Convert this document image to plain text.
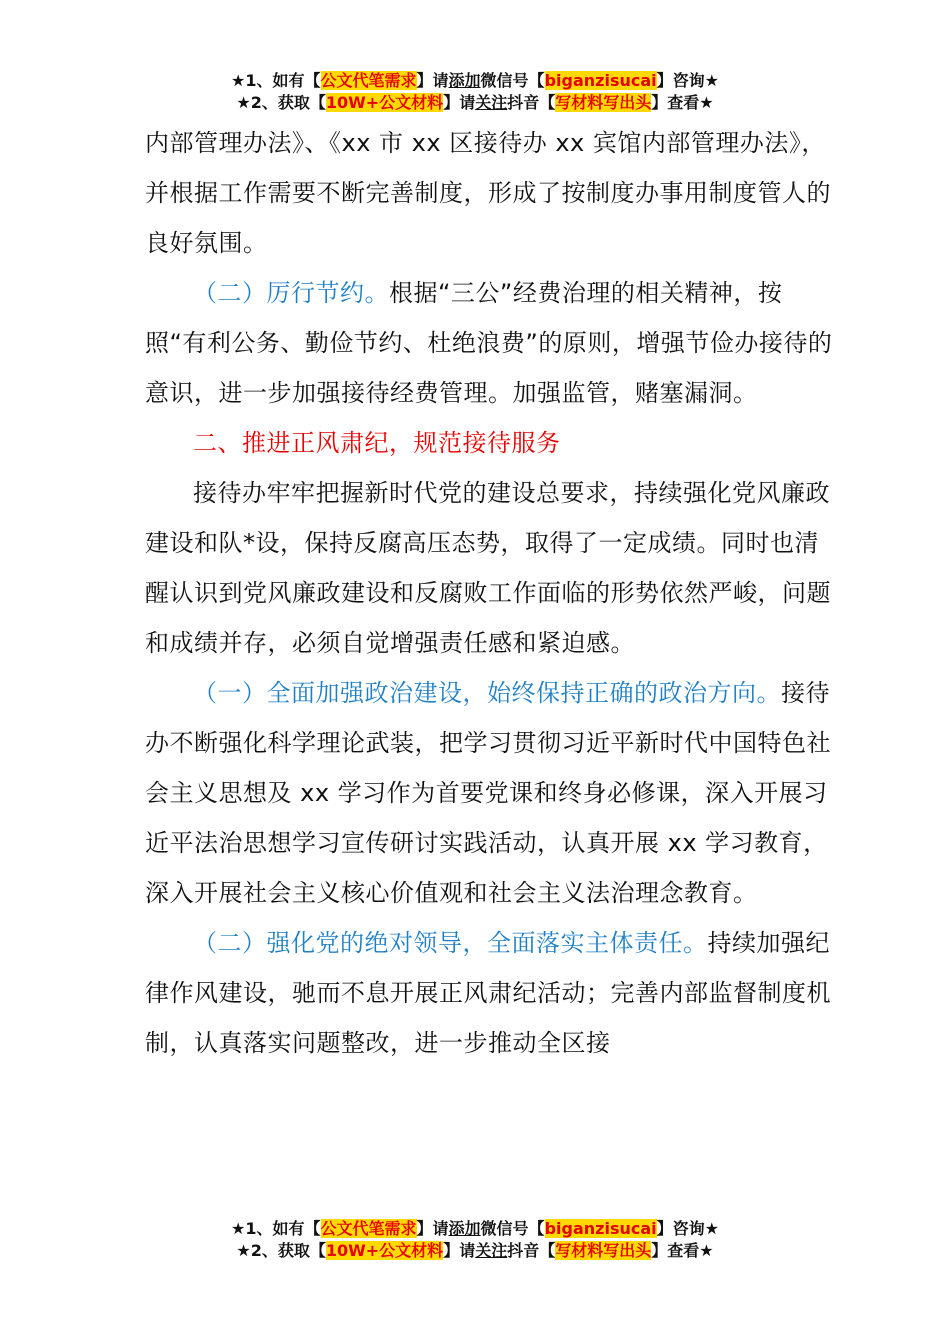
★1、如有【公文代笔需求】请添加微信号【biganzisucai】咨询★
★2、获取【10W+公文材料】请关注抖音【写材料写出头】查看★

内部管理办法》、《xx 市 xx 区接待办 xx 宾馆内部管理办法》，并根据工作需要不断完善制度，形成了按制度办事用制度管人的良好氛围。

（二）厉行节约。根据“三公”经费治理的相关精神，按照“有利公务、勤俭节约、杜绝浪费”的原则，增强节俭办接待的意识，进一步加强接待经费管理。加强监管，赌塞漏洞。

二、推进正风肃纪，规范接待服务

接待办牢牢把握新时代党的建设总要求，持续强化党风廉政建设和队*设，保持反腐高压态势，取得了一定成绩。同时也清醒认识到党风廉政建设和反腐败工作面临的形势依然严峻，问题和成绩并存，必须自觉增强责任感和紧迫感。

（一）全面加强政治建设，始终保持正确的政治方向。接待办不断强化科学理论武装，把学习贯彻习近平新时代中国特色社会主义思想及 xx 学习作为首要党课和终身必修课，深入开展习近平法治思想学习宣传研讨实践活动，认真开展 xx 学习教育，深入开展社会主义核心价值观和社会主义法治理念教育。

（二）强化党的绝对领导，全面落实主体责任。持续加强纪律作风建设，驰而不息开展正风肃纪活动；完善内部监督制度机制，认真落实问题整改，进一步推动全区接

★1、如有【公文代笔需求】请添加微信号【biganzisucai】咨询★
★2、获取【10W+公文材料】请关注抖音【写材料写出头】查看★
